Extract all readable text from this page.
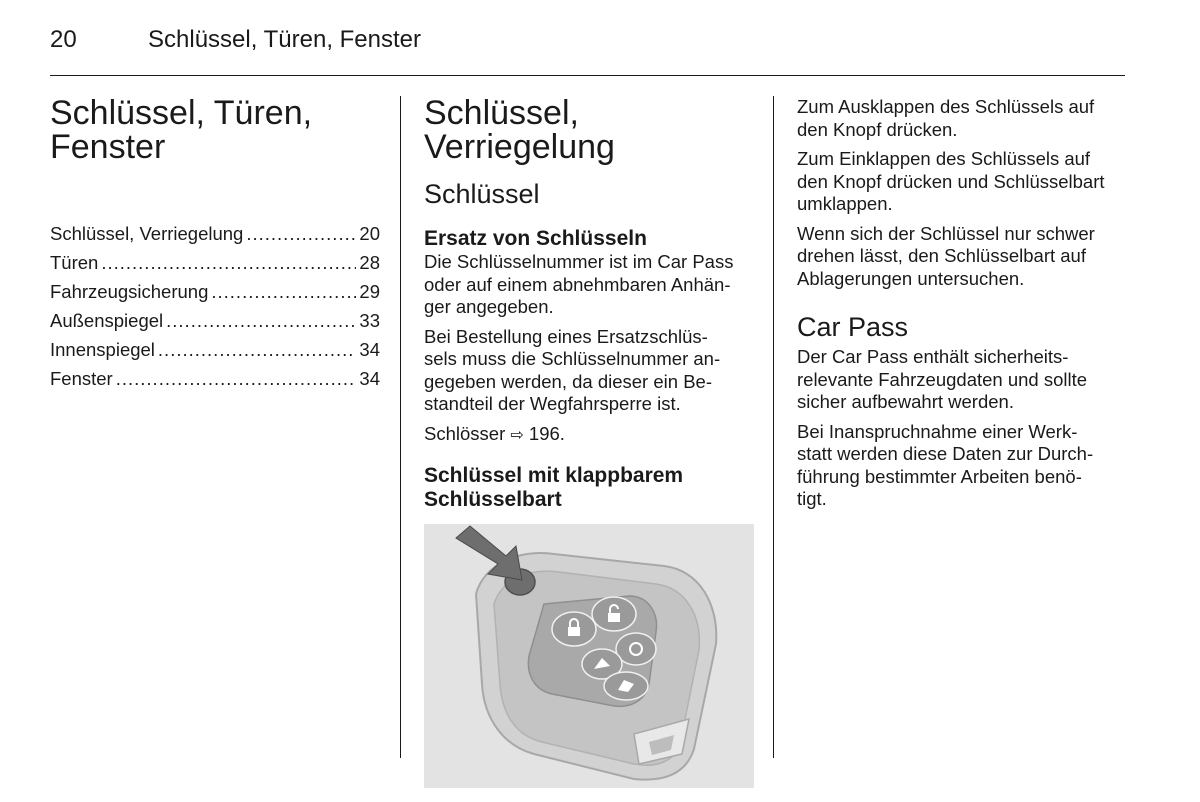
20	Schlüssel, Türen, Fenster
Schlüssel, Türen,
Fenster
Schlüssel, Verriegelung .....	20
Türen .....	28
Fahrzeugsicherung .....	29
Außenspiegel .....	33
Innenspiegel .....	34
Fenster .....	34
Schlüssel, Verriegelung
Schlüssel
Ersatz von Schlüsseln

Die Schlüsselnummer ist im Car Pass
oder auf einem abnehmbaren Anhän-
ger angegeben.

Bei Bestellung eines Ersatzschlüs-
sels muss die Schlüsselnummer an-
gegeben werden, da dieser ein Be-
standteil der Wegfahrsperre ist.

Schlösser ⇨ 196.

Schlüssel mit klappbarem
Schlüsselbart

Zum Ausklappen des Schlüssels auf
den Knopf drücken.

Zum Einklappen des Schlüssels auf
den Knopf drücken und Schlüsselbart
umklappen.

Wenn sich der Schlüssel nur schwer
drehen lässt, den Schlüsselbart auf
Ablagerungen untersuchen.

Car Pass

Der Car Pass enthält sicherheits-
relevante Fahrzeugdaten und sollte
sicher aufbewahrt werden.

Bei Inanspruchnahme einer Werk-
statt werden diese Daten zur Durch-
führung bestimmter Arbeiten benö-
tigt.
